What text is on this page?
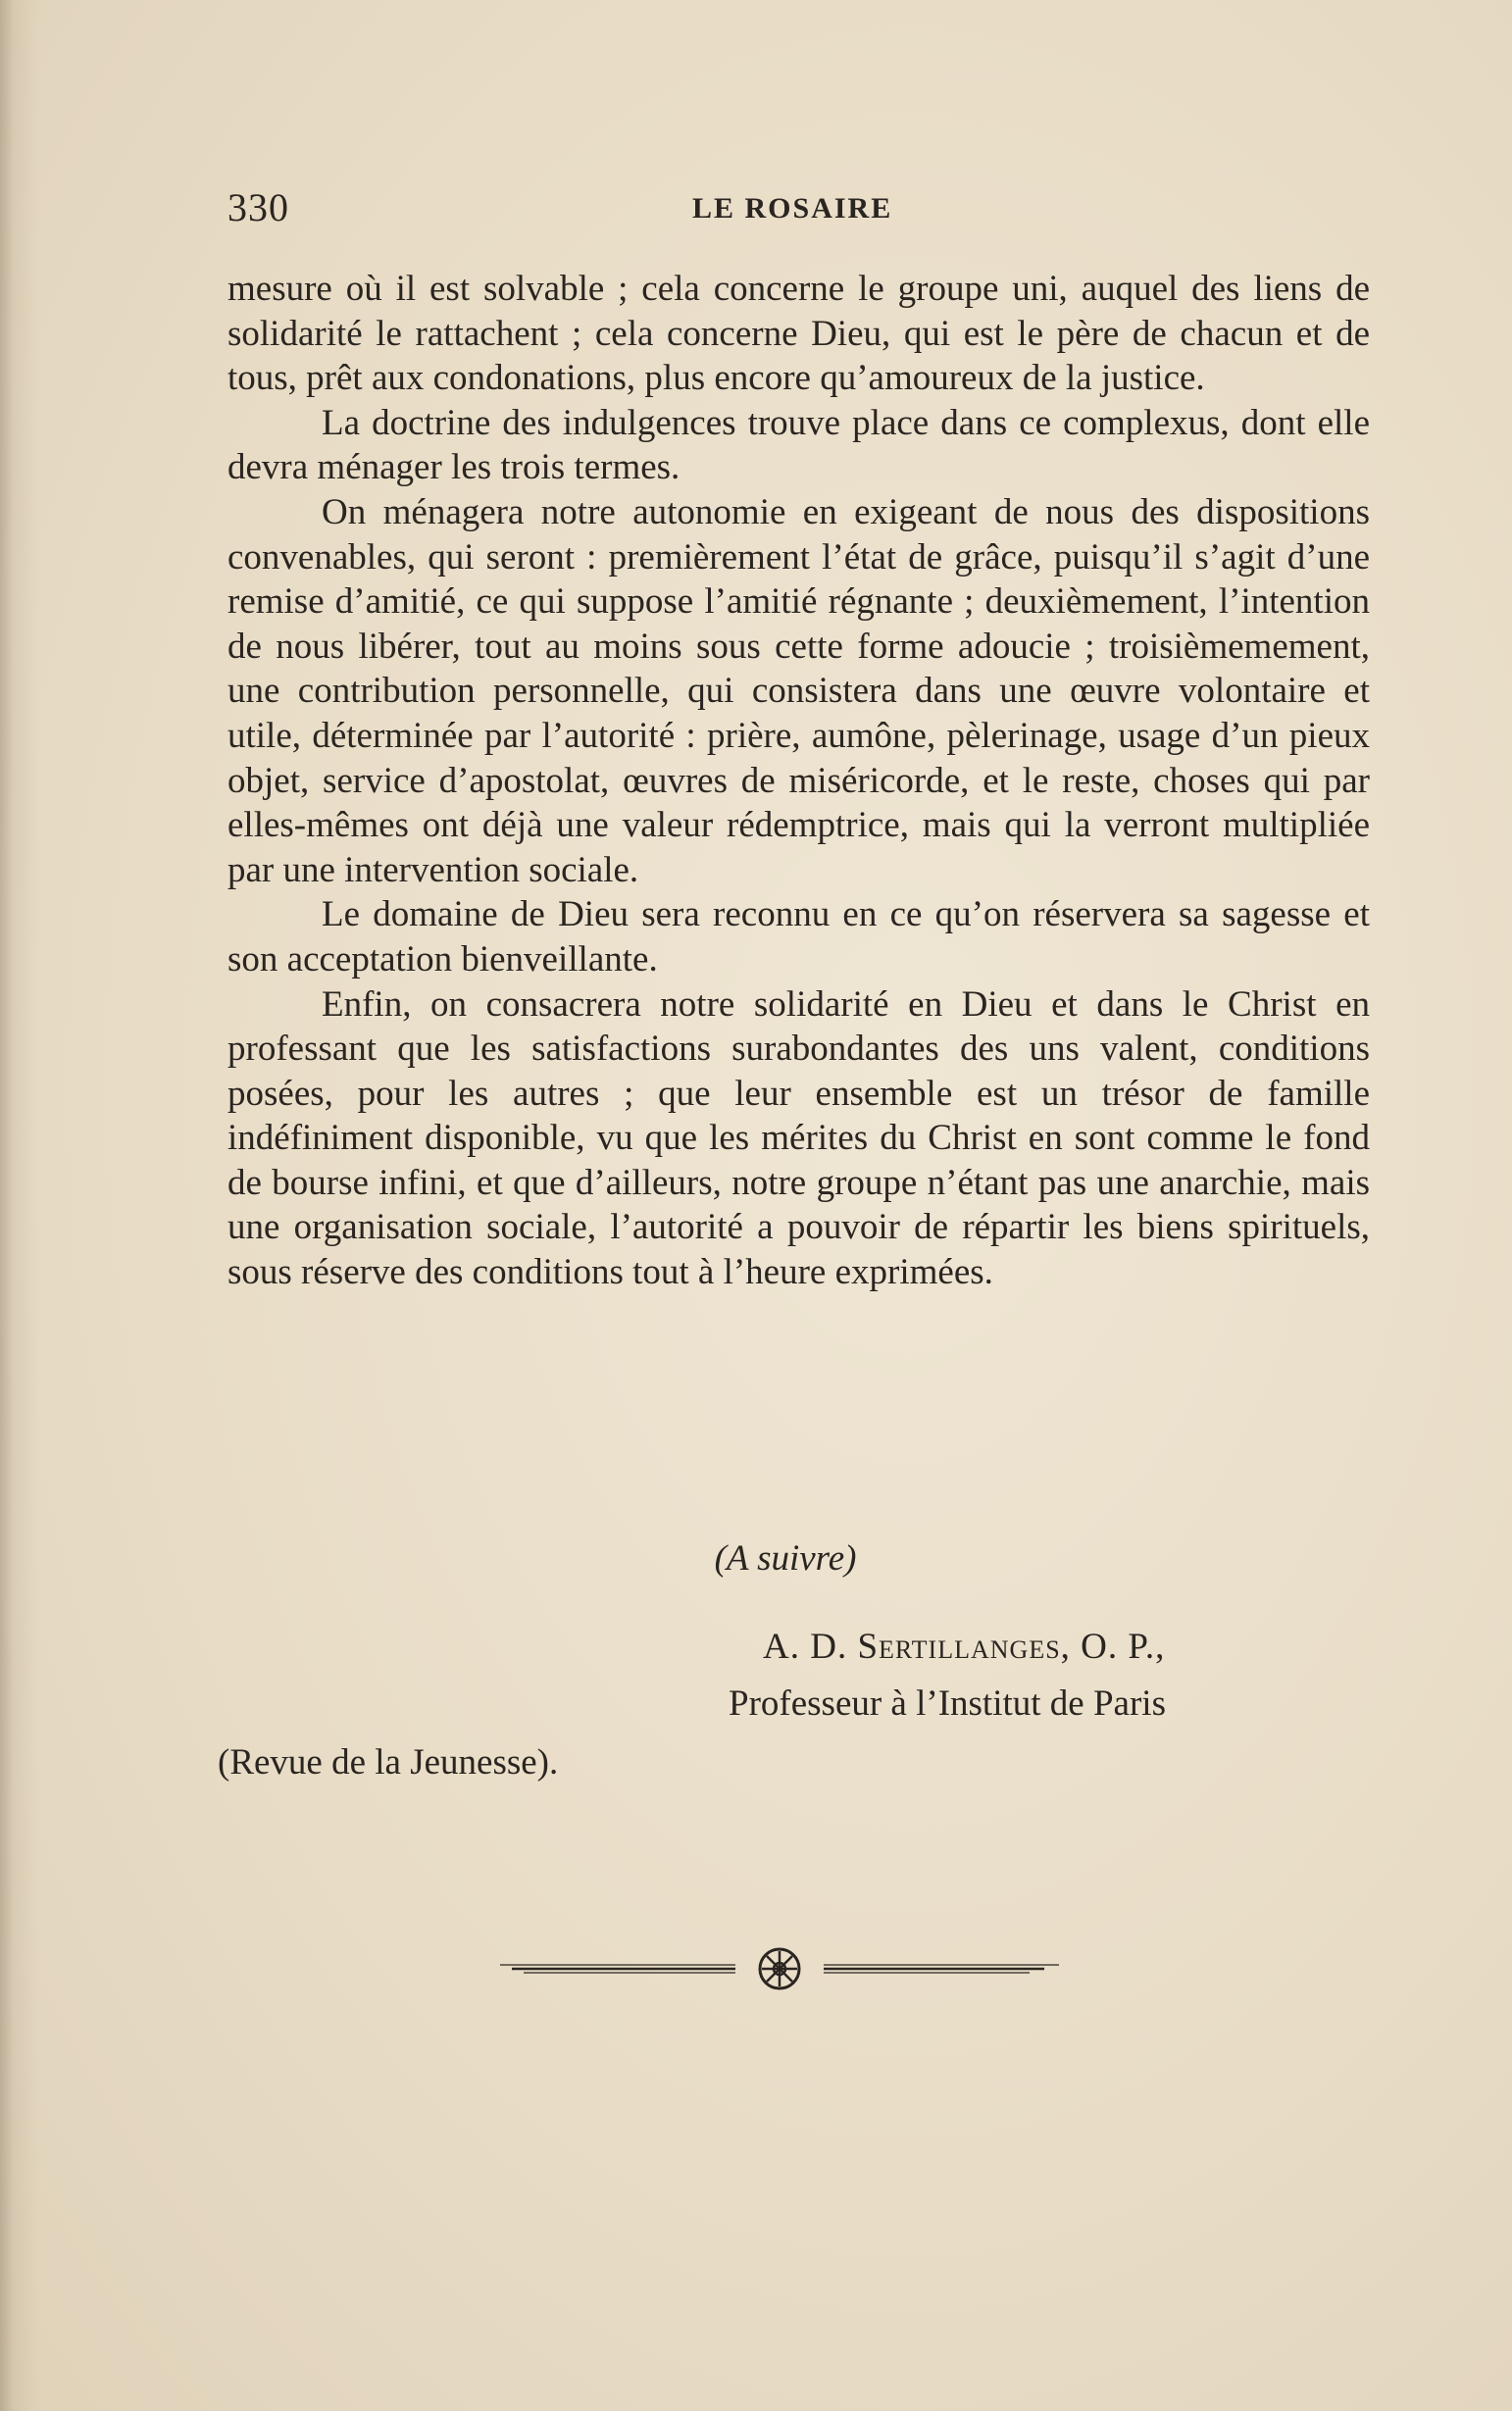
330	LE ROSAIRE

mesure où il est solvable ; cela concerne le groupe uni, auquel des liens de solidarité le rattachent ; cela concerne Dieu, qui est le père de chacun et de tous, prêt aux condonations, plus encore qu’amoureux de la justice.

La doctrine des indulgences trouve place dans ce complexus, dont elle devra ménager les trois termes.

On ménagera notre autonomie en exigeant de nous des dispositions convenables, qui seront : premièrement l’état de grâce, puisqu’il s’agit d’une remise d’amitié, ce qui suppose l’amitié régnante ; deuxièmement, l’intention de nous libérer, tout au moins sous cette forme adoucie ; troisièmemement, une contribution personnelle, qui consistera dans une œuvre volontaire et utile, déterminée par l’autorité : prière, aumône, pèlerinage, usage d’un pieux objet, service d’apostolat, œuvres de miséricorde, et le reste, choses qui par elles-mêmes ont déjà une valeur rédemptrice, mais qui la verront multipliée par une intervention sociale.

Le domaine de Dieu sera reconnu en ce qu’on réservera sa sagesse et son acceptation bienveillante.

Enfin, on consacrera notre solidarité en Dieu et dans le Christ en professant que les satisfactions surabondantes des uns valent, conditions posées, pour les autres ; que leur ensemble est un trésor de famille indéfiniment disponible, vu que les mérites du Christ en sont comme le fond de bourse infini, et que d’ailleurs, notre groupe n’étant pas une anarchie, mais une organisation sociale, l’autorité a pouvoir de répartir les biens spirituels, sous réserve des conditions tout à l’heure exprimées.

(A suivre)
A. D. Sertillanges, O. P.,
Professeur à l’Institut de Paris
(Revue de la Jeunesse).
